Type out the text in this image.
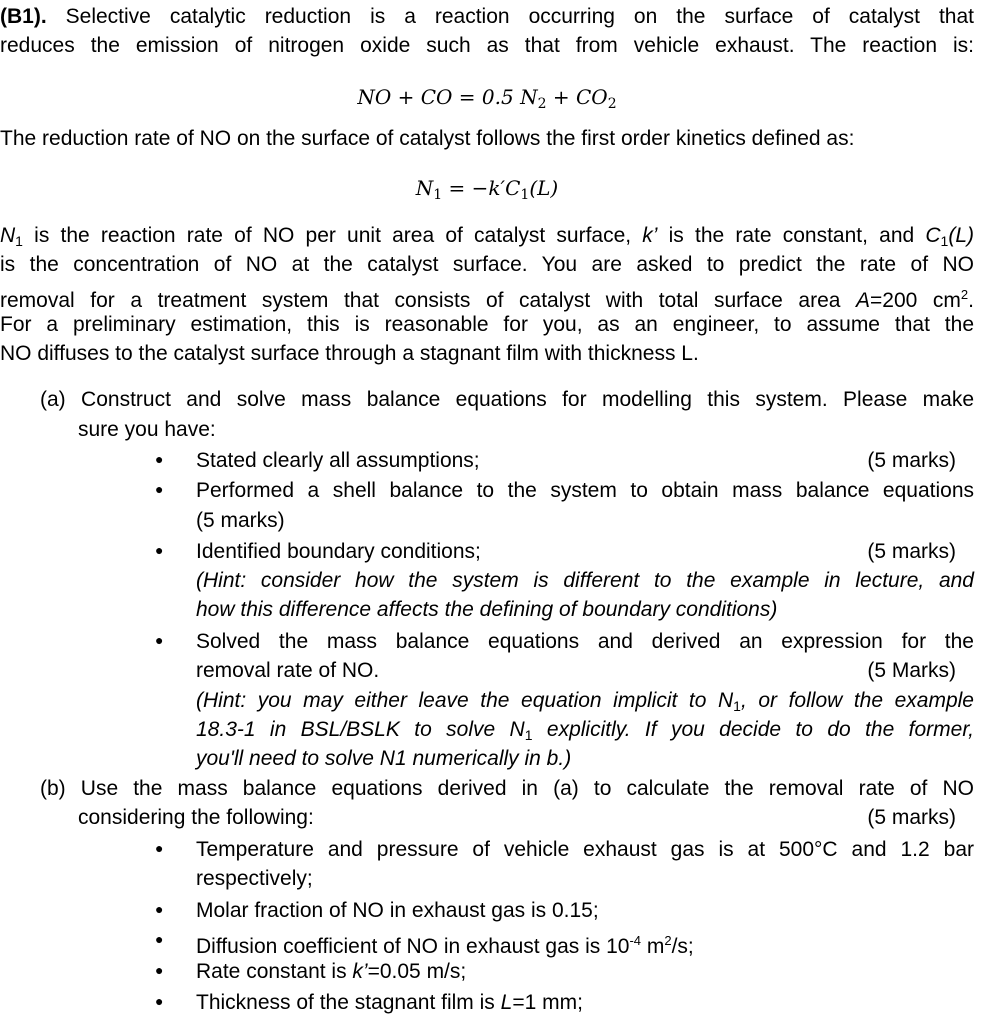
(B1). Selective catalytic reduction is a reaction occurring on the surface of catalyst that
reduces the emission of nitrogen oxide such as that from vehicle exhaust. The reaction is:
NO + CO = 0.5 $N_2 + CO_2$
The reduction rate of NO on the surface of catalyst follows the first order kinetics defined as:
$N_1 = -k'C_1(L)$
$N_1$ is the reaction rate of NO per unit area of catalyst surface, k’ is the rate constant, and $C_1(L)$
is the concentration of NO at the catalyst surface. You are asked to predict the rate of NO
removal for a treatment system that consists of catalyst with total surface area A=200 $cm^2$.
For a preliminary estimation, this is reasonable for you, as an engineer, to assume that the
NO diffuses to the catalyst surface through a stagnant film with thickness L.
(a) Construct and solve mass balance equations for modelling this system. Please make
sure you have:
● Stated clearly all assumptions;	(5 marks)
● Performed a shell balance to the system to obtain mass balance equations
(5 marks)
● Identified boundary conditions;	(5 marks)
(Hint: consider how the system is different to the example in lecture, and
how this difference affects the defining of boundary conditions)
● Solved the mass balance equations and derived an expression for the
removal rate of NO.	(5 Marks)
(Hint: you may either leave the equation implicit to $N_1$, or follow the example
18.3-1 in BSL/BSLK to solve $N_1$ explicitly. If you decide to do the former,
you'll need to solve N1 numerically in b.)
(b) Use the mass balance equations derived in (a) to calculate the removal rate of NO
considering the following:	(5 marks)
● Temperature and pressure of vehicle exhaust gas is at 500°C and 1.2 bar
respectively;
● Molar fraction of NO in exhaust gas is 0.15;
● Diffusion coefficient of NO in exhaust gas is $10^{-4}$ $m^2/s$;
● Rate constant is k’=0.05 m/s;
● Thickness of the stagnant film is L=1 mm;
